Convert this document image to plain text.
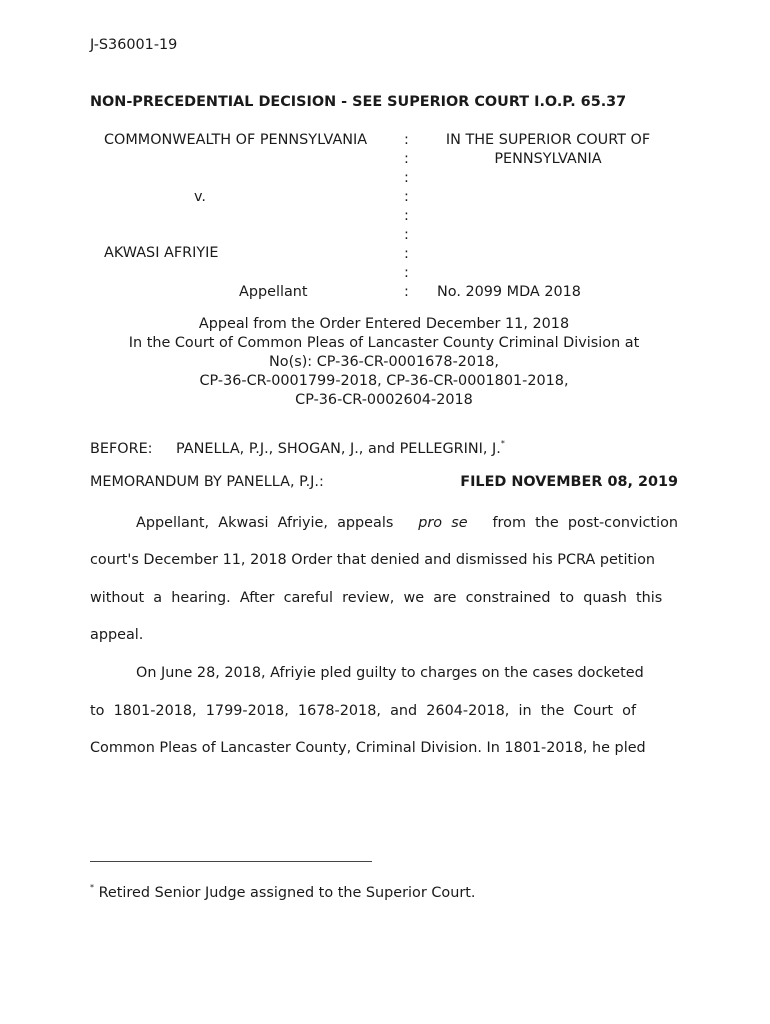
J-S36001-19
NON-PRECEDENTIAL DECISION - SEE SUPERIOR COURT I.O.P. 65.37
COMMONWEALTH OF PENNSYLVANIA
v.
AKWASI AFRIYIE
Appellant
:
:
:
:
:
:
:
:
:
IN THE SUPERIOR COURT OF
PENNSYLVANIA
No. 2099 MDA 2018
Appeal from the Order Entered December 11, 2018
In the Court of Common Pleas of Lancaster County Criminal Division at
No(s): CP-36-CR-0001678-2018,
CP-36-CR-0001799-2018, CP-36-CR-0001801-2018,
CP-36-CR-0002604-2018
BEFORE: PANELLA, P.J., SHOGAN, J., and PELLEGRINI, J.*
MEMORANDUM BY PANELLA, P.J.:	FILED NOVEMBER 08, 2019
Appellant,  Akwasi  Afriyie,  appeals pro  se from  the  post-conviction
court's December 11, 2018 Order that denied and dismissed his PCRA petition
without  a  hearing.  After  careful  review,  we  are  constrained  to  quash  this
appeal.
On June 28, 2018, Afriyie pled guilty to charges on the cases docketed
to  1801-2018,  1799-2018,  1678-2018,  and  2604-2018,  in  the  Court  of
Common Pleas of Lancaster County, Criminal Division. In 1801-2018, he pled
* Retired Senior Judge assigned to the Superior Court.
